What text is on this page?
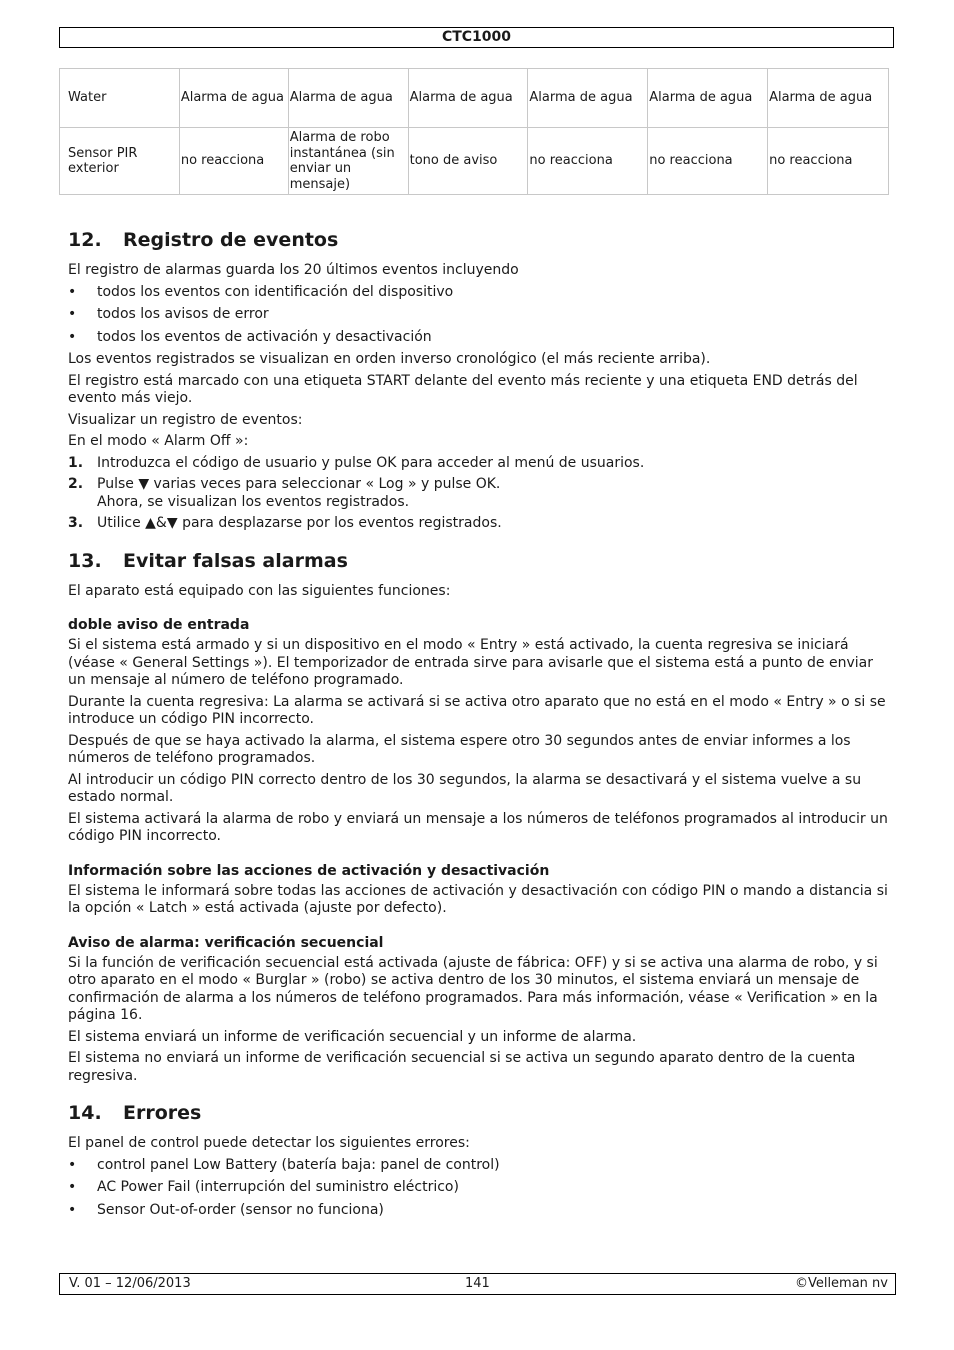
CTC1000
Water	Alarma de agua	Alarma de agua	Alarma de agua	Alarma de agua	Alarma de agua	Alarma de agua
Sensor PIR exterior	no reacciona	Alarma de robo instantánea (sin enviar un mensaje)	tono de aviso	no reacciona	no reacciona	no reacciona
12. Registro de eventos

El registro de alarmas guarda los 20 últimos eventos incluyendo

• todos los eventos con identificación del dispositivo
• todos los avisos de error
• todos los eventos de activación y desactivación

Los eventos registrados se visualizan en orden inverso cronológico (el más reciente arriba).

El registro está marcado con una etiqueta START delante del evento más reciente y una etiqueta END detrás del evento más viejo.

Visualizar un registro de eventos:

En el modo « Alarm Off »:

1. Introduzca el código de usuario y pulse OK para acceder al menú de usuarios.
2. Pulse ▼ varias veces para seleccionar « Log » y pulse OK.
Ahora, se visualizan los eventos registrados.
3. Utilice ▲&▼ para desplazarse por los eventos registrados.
13. Evitar falsas alarmas

El aparato está equipado con las siguientes funciones:

doble aviso de entrada

Si el sistema está armado y si un dispositivo en el modo « Entry » está activado, la cuenta regresiva se iniciará (véase « General Settings »). El temporizador de entrada sirve para avisarle que el sistema está a punto de enviar un mensaje al número de teléfono programado.

Durante la cuenta regresiva: La alarma se activará si se activa otro aparato que no está en el modo « Entry » o si se introduce un código PIN incorrecto.

Después de que se haya activado la alarma, el sistema espere otro 30 segundos antes de enviar informes a los números de teléfono programados.

Al introducir un código PIN correcto dentro de los 30 segundos, la alarma se desactivará y el sistema vuelve a su estado normal.

El sistema activará la alarma de robo y enviará un mensaje a los números de teléfonos programados al introducir un código PIN incorrecto.

Información sobre las acciones de activación y desactivación

El sistema le informará sobre todas las acciones de activación y desactivación con código PIN o mando a distancia si la opción « Latch » está activada (ajuste por defecto).

Aviso de alarma: verificación secuencial

Si la función de verificación secuencial está activada (ajuste de fábrica: OFF) y si se activa una alarma de robo, y si otro aparato en el modo « Burglar » (robo) se activa dentro de los 30 minutos, el sistema enviará un mensaje de confirmación de alarma a los números de teléfono programados. Para más información, véase « Verification » en la página 16.

El sistema enviará un informe de verificación secuencial y un informe de alarma.

El sistema no enviará un informe de verificación secuencial si se activa un segundo aparato dentro de la cuenta regresiva.

14. Errores

El panel de control puede detectar los siguientes errores:

• control panel Low Battery (batería baja: panel de control)
• AC Power Fail (interrupción del suministro eléctrico)
• Sensor Out-of-order (sensor no funciona)
V. 01 – 12/06/2013	141	©Velleman nv
